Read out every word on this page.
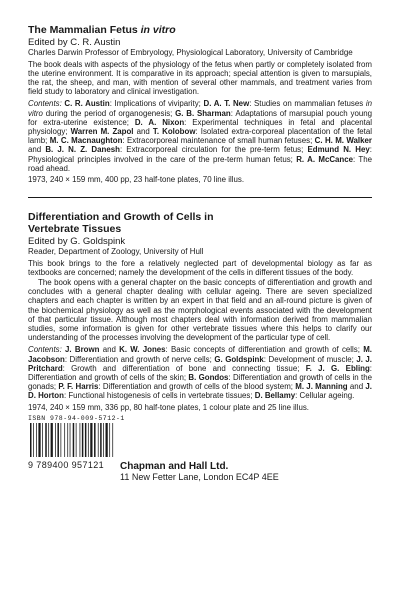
The Mammalian Fetus in vitro

Edited by C. R. Austin
Charles Darwin Professor of Embryology, Physiological Laboratory, University of Cambridge
The book deals with aspects of the physiology of the fetus when partly or completely isolated from the uterine environment. It is comparative in its approach; special attention is given to marsupials, the rat, the sheep, and man, with mention of several other mammals, and treatment varies from field study to laboratory and clinical investigation.
Contents: C. R. Austin: Implications of viviparity; D. A. T. New: Studies on mammalian fetuses in vitro during the period of organogenesis; G. B. Sharman: Adaptations of marsupial pouch young for extra-uterine existence; D. A. Nixon: Experimental techniques in fetal and placental physiology; Warren M. Zapol and T. Kolobow: Isolated extra-corporeal placentation of the fetal lamb; M. C. Macnaughton: Extracorporeal maintenance of small human fetuses; C. H. M. Walker and B. J. N. Z. Danesh: Extracorporeal circulation for the pre-term fetus; Edmund N. Hey: Physiological principles involved in the care of the pre-term human fetus; R. A. McCance: The road ahead.
1973, 240 × 159 mm, 400 pp, 23 half-tone plates, 70 line illus.

Differentiation and Growth of Cells in
Vertebrate Tissues

Edited by G. Goldspink
Reader, Department of Zoology, University of Hull
This book brings to the fore a relatively neglected part of developmental biology as far as textbooks are concerned; namely the development of the cells in different tissues of the body.
The book opens with a general chapter on the basic concepts of differentiation and growth and concludes with a general chapter dealing with cellular ageing. There are seven specialized chapters and each chapter is written by an expert in that field and an all-round picture is given of the biochemical physiology as well as the morphological events associated with the development of that particular tissue. Although most chapters deal with information derived from mammalian studies, some information is given for other vertebrate tissues where this helps to clarify our understanding of the processes involving the development of the particular type of cell.
Contents: J. Brown and K. W. Jones: Basic concepts of differentiation and growth of cells; M. Jacobson: Differentiation and growth of nerve cells; G. Goldspink: Development of muscle; J. J. Pritchard: Growth and differentiation of bone and connecting tissue; F. J. G. Ebling: Differentiation and growth of cells of the skin; B. Gondos: Differentiation and growth of cells in the gonads; P. F. Harris: Differentiation and growth of cells of the blood system; M. J. Manning and J. D. Horton: Functional histogenesis of cells in vertebrate tissues; D. Bellamy: Cellular ageing.
1974, 240 × 159 mm, 336 pp, 80 half-tone plates, 1 colour plate and 25 line illus.
ISBN 978-94-009-5712-1
9 789400 957121 Chapman and Hall Ltd.
11 New Fetter Lane, London EC4P 4EE
